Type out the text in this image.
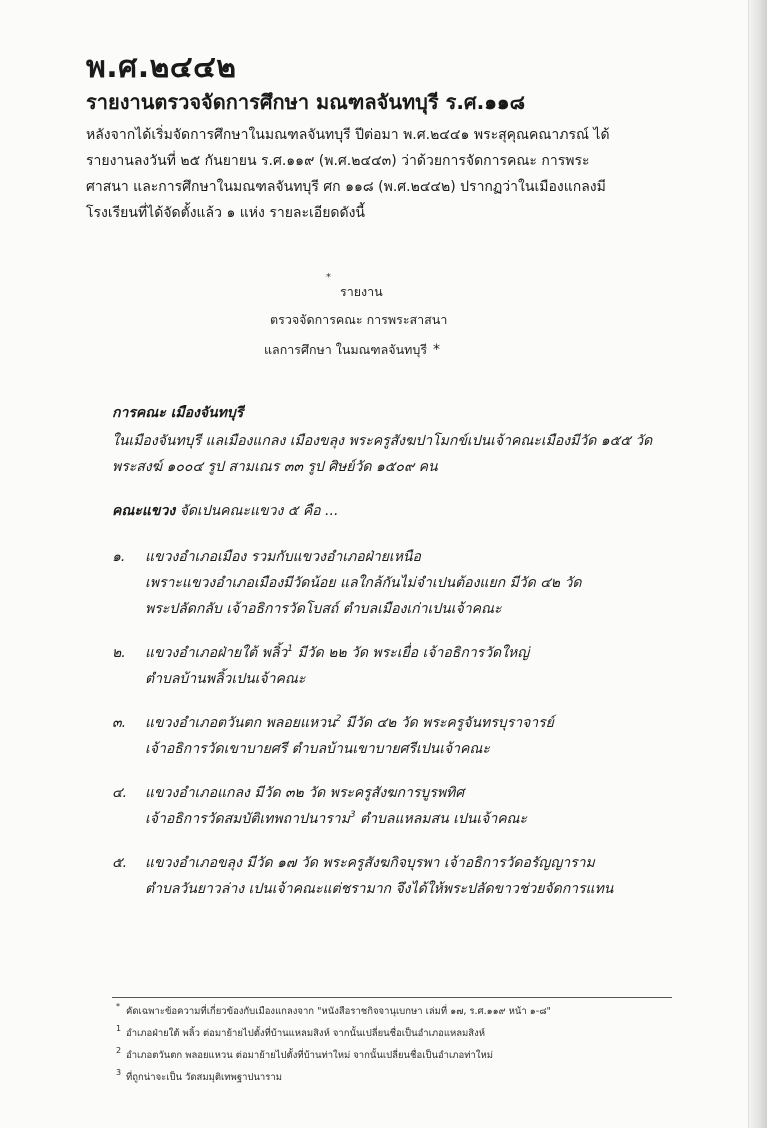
พ.ศ.๒๔๔๒
รายงานตรวจจัดการศึกษา มณฑลจันทบุรี ร.ศ.๑๑๘

หลังจากได้เริ่มจัดการศึกษาในมณฑลจันทบุรี ปีต่อมา พ.ศ.๒๔๔๑ พระสุคุณคณาภรณ์ ได้
รายงานลงวันที่ ๒๕ กันยายน ร.ศ.๑๑๙ (พ.ศ.๒๔๔๓) ว่าด้วยการจัดการคณะ การพระ
ศาสนา และการศึกษาในมณฑลจันทบุรี ศก ๑๑๘ (พ.ศ.๒๔๔๒) ปรากฏว่าในเมืองแกลงมี
โรงเรียนที่ได้จัดตั้งแล้ว ๑ แห่ง รายละเอียดดังนี้

*
รายงาน
ตรวจจัดการคณะ การพระสาสนา
แลการศึกษา ในมณฑลจันทบุรี *
การคณะ เมืองจันทบุรี
ในเมืองจันทบุรี แลเมืองแกลง เมืองขลุง พระครูสังฆปาโมกข์เปนเจ้าคณะเมืองมีวัด ๑๕๕ วัด
พระสงฆ์ ๑๐๐๔ รูป สามเณร ๓๓ รูป ศิษย์วัด ๑๕๐๙ คน
คณะแขวง จัดเปนคณะแขวง ๕ คือ ...
๑. แขวงอำเภอเมือง รวมกับแขวงอำเภอฝ่ายเหนือ
เพราะแขวงอำเภอเมืองมีวัดน้อย แลใกล้กันไม่จำเปนต้องแยก มีวัด ๔๒ วัด
พระปลัดกลับ เจ้าอธิการวัดโบสถ์ ตำบลเมืองเก่าเปนเจ้าคณะ
๒. แขวงอำเภอฝ่ายใต้ พลิ้ว$^1$ มีวัด ๒๒ วัด พระเยื่อ เจ้าอธิการวัดใหญ่
ตำบลบ้านพลิ้วเปนเจ้าคณะ
๓. แขวงอำเภอตวันตก พลอยแหวน$^2$ มีวัด ๔๒ วัด พระครูจันทรบุราจารย์
เจ้าอธิการวัดเขาบายศรี ตำบลบ้านเขาบายศรีเปนเจ้าคณะ
๔. แขวงอำเภอแกลง มีวัด ๓๒ วัด พระครูสังฆการบูรพทิศ
เจ้าอธิการวัดสมบัติเทพถาปนาราม$^3$ ตำบลแหลมสน เปนเจ้าคณะ
๕. แขวงอำเภอขลุง มีวัด ๑๗ วัด พระครูสังฆกิจบุรพา เจ้าอธิการวัดอรัญญาราม
ตำบลวันยาวล่าง เปนเจ้าคณะแต่ชรามาก จึงได้ให้พระปลัดขาวช่วยจัดการแทน
* คัดเฉพาะข้อความที่เกี่ยวข้องกับเมืองแกลงจาก "หนังสือราชกิจจานุเบกษา เล่มที่ ๑๗, ร.ศ.๑๑๙ หน้า ๑-๘"
1 อำเภอฝ่ายใต้ พลิ้ว ต่อมาย้ายไปตั้งที่บ้านแหลมสิงห์ จากนั้นเปลี่ยนชื่อเป็นอำเภอแหลมสิงห์
2 อำเภอตวันตก พลอยแหวน ต่อมาย้ายไปตั้งที่บ้านท่าใหม่ จากนั้นเปลี่ยนชื่อเป็นอำเภอท่าใหม่
3 ที่ถูกน่าจะเป็น วัดสมมุติเทพฐาปนาราม
